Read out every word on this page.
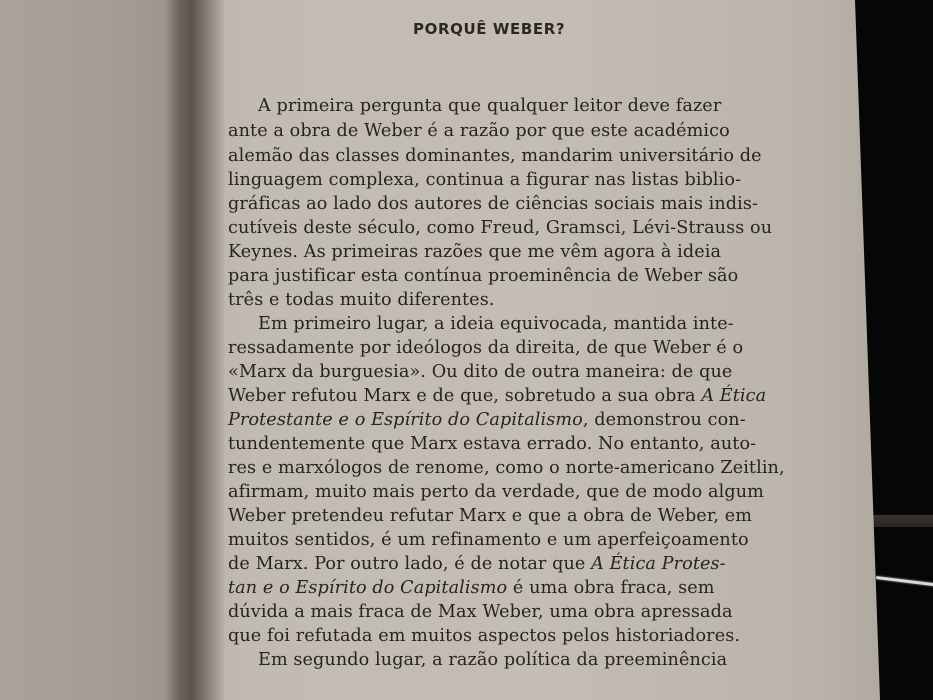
PORQUÊ WEBER?
A primeira pergunta que qualquer leitor deve fazer
ante a obra de Weber é a razão por que este académico
alemão das classes dominantes, mandarim universitário de
linguagem complexa, continua a figurar nas listas biblio-
gráficas ao lado dos autores de ciências sociais mais indis-
cutíveis deste século, como Freud, Gramsci, Lévi-Strauss ou
Keynes. As primeiras razões que me vêm agora à ideia
para justificar esta contínua proeminência de Weber são
três e todas muito diferentes.
Em primeiro lugar, a ideia equivocada, mantida inte-
ressadamente por ideólogos da direita, de que Weber é o
«Marx da burguesia». Ou dito de outra maneira: de que
Weber refutou Marx e de que, sobretudo a sua obra A Ética
Protestante e o Espírito do Capitalismo, demonstrou con-
tundentemente que Marx estava errado. No entanto, auto-
res e marxólogos de renome, como o norte-americano Zeitlin,
afirmam, muito mais perto da verdade, que de modo algum
Weber pretendeu refutar Marx e que a obra de Weber, em
muitos sentidos, é um refinamento e um aperfeiçoamento
de Marx. Por outro lado, é de notar que A Ética Protes-
tan e o Espírito do Capitalismo é uma obra fraca, sem
dúvida a mais fraca de Max Weber, uma obra apressada
que foi refutada em muitos aspectos pelos historiadores.
Em segundo lugar, a razão política da preeminência
